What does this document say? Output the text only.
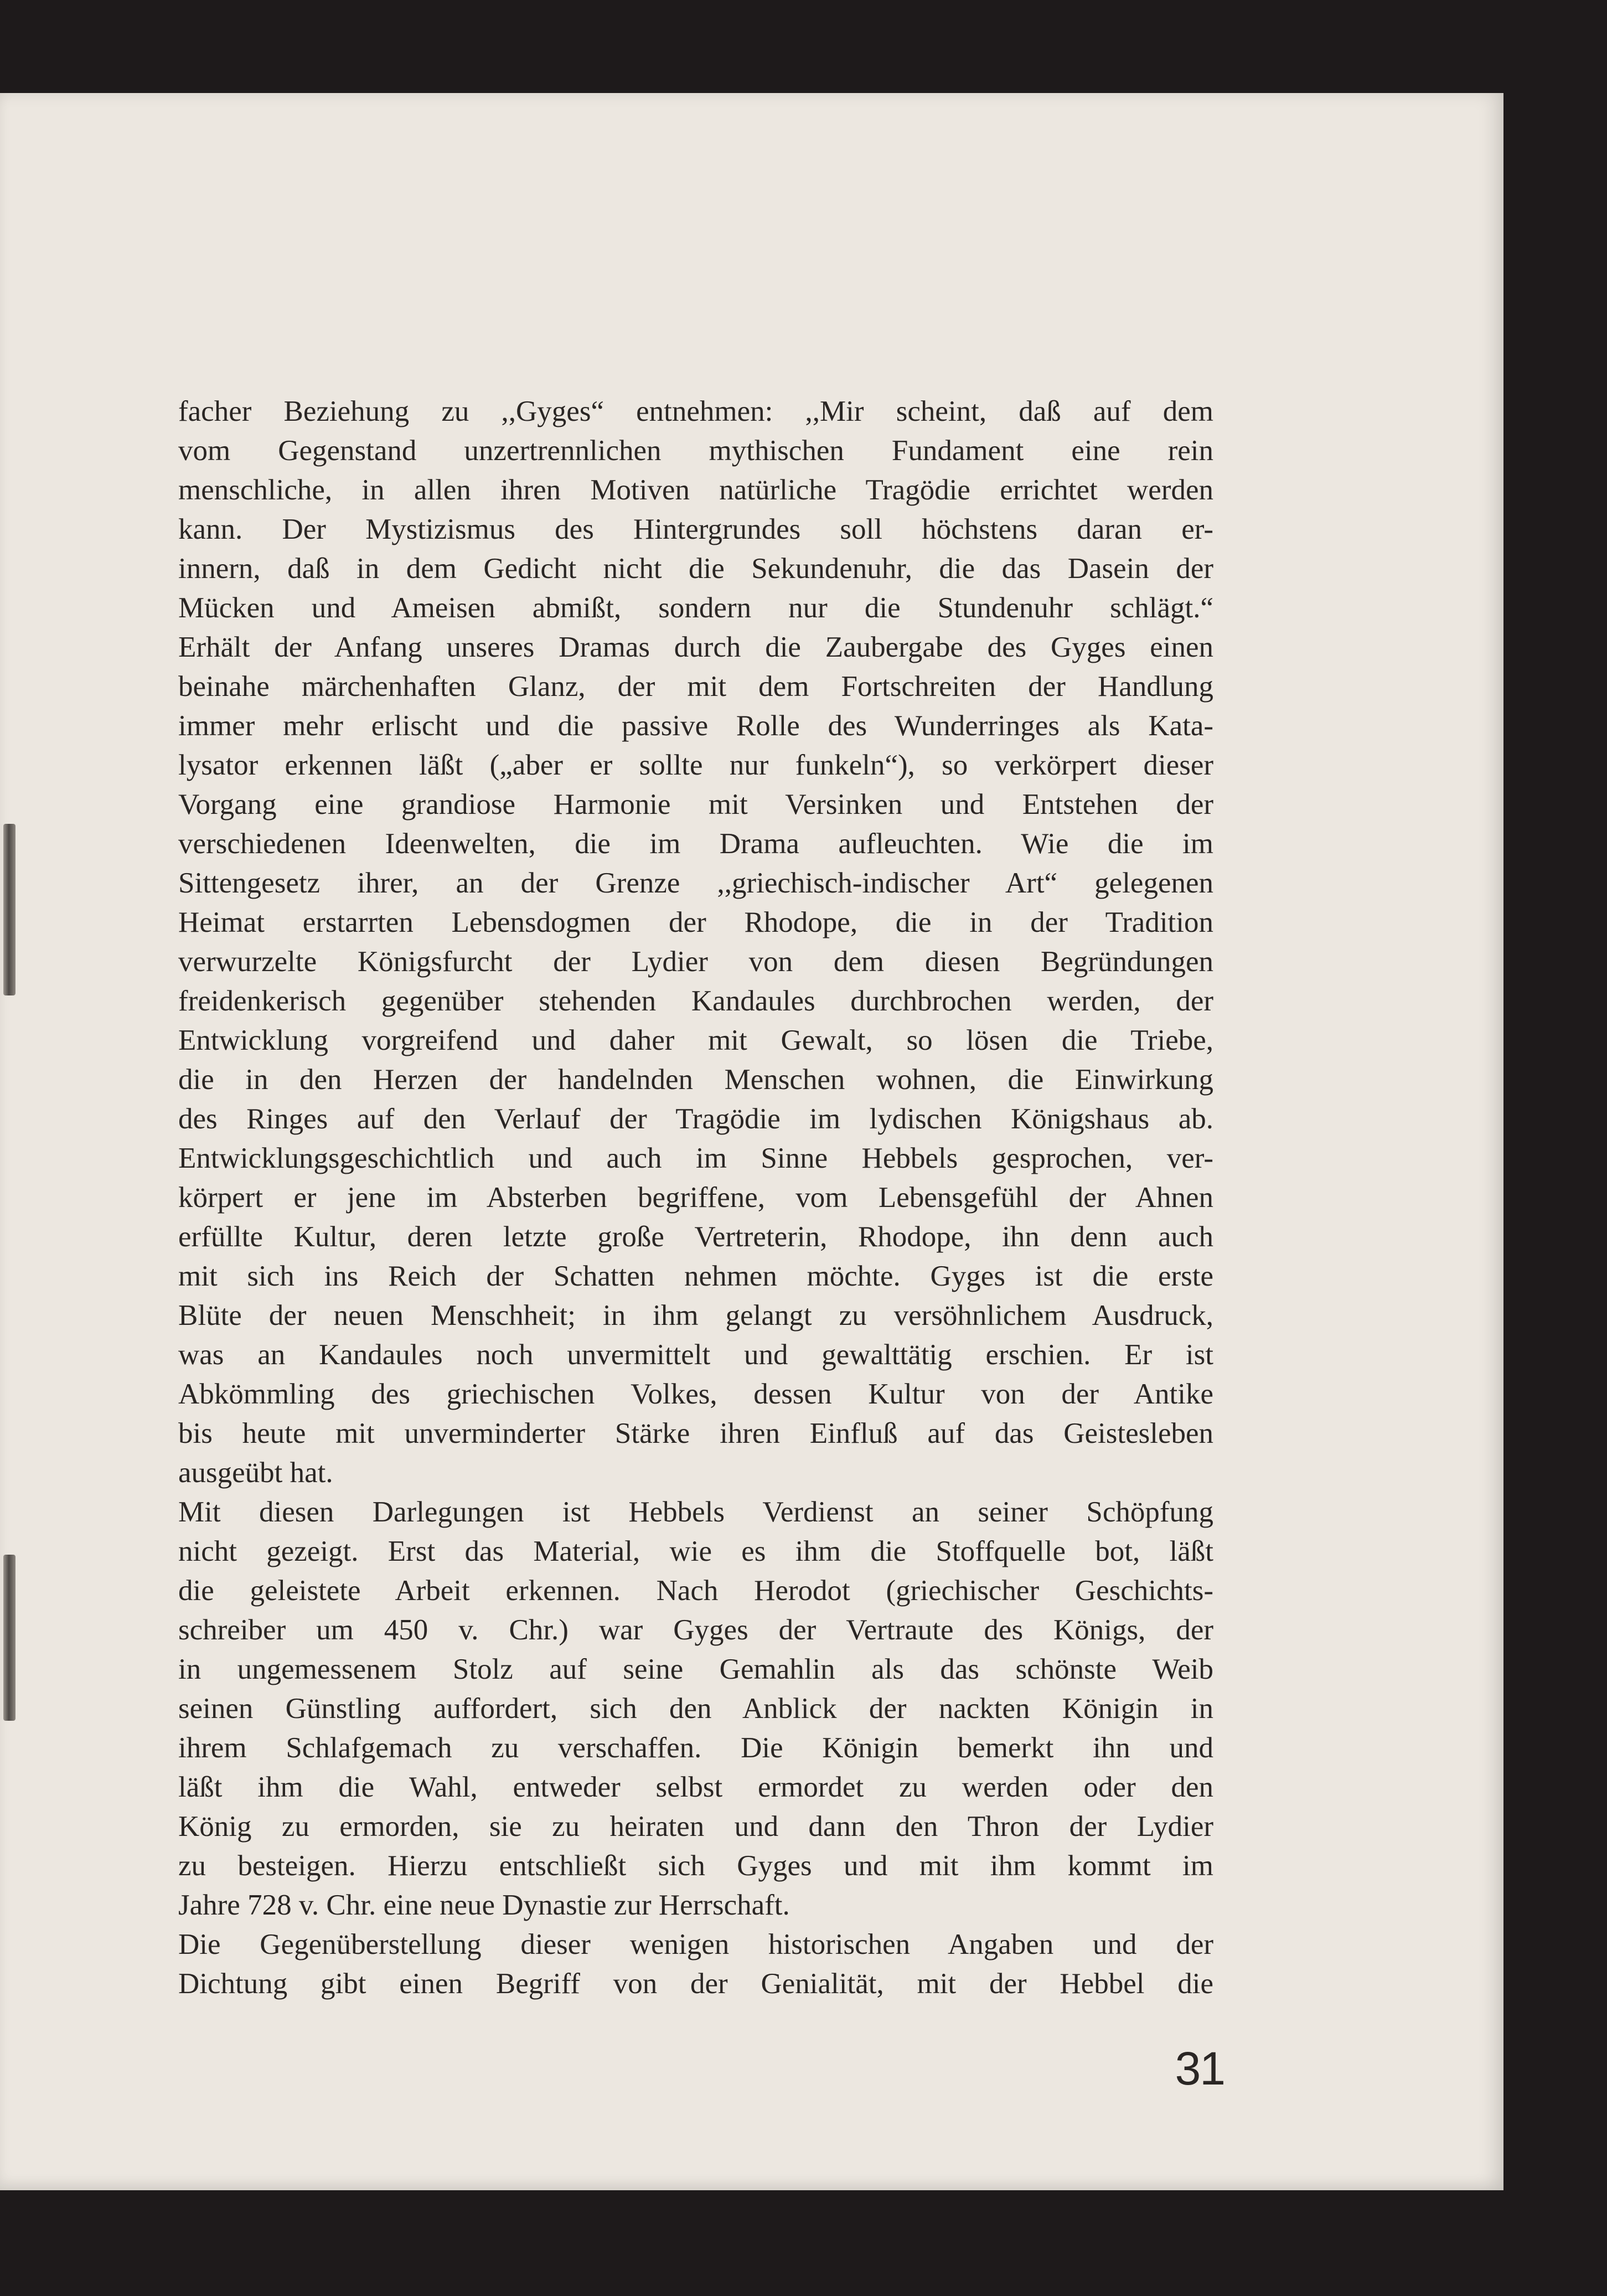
facher Beziehung zu ,,Gyges“ entnehmen: ,,Mir scheint, daß auf dem
vom Gegenstand unzertrennlichen mythischen Fundament eine rein
menschliche, in allen ihren Motiven natürliche Tragödie errichtet werden
kann. Der Mystizismus des Hintergrundes soll höchstens daran er-
innern, daß in dem Gedicht nicht die Sekundenuhr, die das Dasein der
Mücken und Ameisen abmißt, sondern nur die Stundenuhr schlägt.“
Erhält der Anfang unseres Dramas durch die Zaubergabe des Gyges einen
beinahe märchenhaften Glanz, der mit dem Fortschreiten der Handlung
immer mehr erlischt und die passive Rolle des Wunderringes als Kata-
lysator erkennen läßt („aber er sollte nur funkeln“), so verkörpert dieser
Vorgang eine grandiose Harmonie mit Versinken und Entstehen der
verschiedenen Ideenwelten, die im Drama aufleuchten. Wie die im
Sittengesetz ihrer, an der Grenze ,,griechisch-indischer Art“ gelegenen
Heimat erstarrten Lebensdogmen der Rhodope, die in der Tradition
verwurzelte Königsfurcht der Lydier von dem diesen Begründungen
freidenkerisch gegenüber stehenden Kandaules durchbrochen werden, der
Entwicklung vorgreifend und daher mit Gewalt, so lösen die Triebe,
die in den Herzen der handelnden Menschen wohnen, die Einwirkung
des Ringes auf den Verlauf der Tragödie im lydischen Königshaus ab.
Entwicklungsgeschichtlich und auch im Sinne Hebbels gesprochen, ver-
körpert er jene im Absterben begriffene, vom Lebensgefühl der Ahnen
erfüllte Kultur, deren letzte große Vertreterin, Rhodope, ihn denn auch
mit sich ins Reich der Schatten nehmen möchte. Gyges ist die erste
Blüte der neuen Menschheit; in ihm gelangt zu versöhnlichem Ausdruck,
was an Kandaules noch unvermittelt und gewalttätig erschien. Er ist
Abkömmling des griechischen Volkes, dessen Kultur von der Antike
bis heute mit unverminderter Stärke ihren Einfluß auf das Geistesleben
ausgeübt hat.
Mit diesen Darlegungen ist Hebbels Verdienst an seiner Schöpfung
nicht gezeigt. Erst das Material, wie es ihm die Stoffquelle bot, läßt
die geleistete Arbeit erkennen. Nach Herodot (griechischer Geschichts-
schreiber um 450 v. Chr.) war Gyges der Vertraute des Königs, der
in ungemessenem Stolz auf seine Gemahlin als das schönste Weib
seinen Günstling auffordert, sich den Anblick der nackten Königin in
ihrem Schlafgemach zu verschaffen. Die Königin bemerkt ihn und
läßt ihm die Wahl, entweder selbst ermordet zu werden oder den
König zu ermorden, sie zu heiraten und dann den Thron der Lydier
zu besteigen. Hierzu entschließt sich Gyges und mit ihm kommt im
Jahre 728 v. Chr. eine neue Dynastie zur Herrschaft.
Die Gegenüberstellung dieser wenigen historischen Angaben und der
Dichtung gibt einen Begriff von der Genialität, mit der Hebbel die
31
